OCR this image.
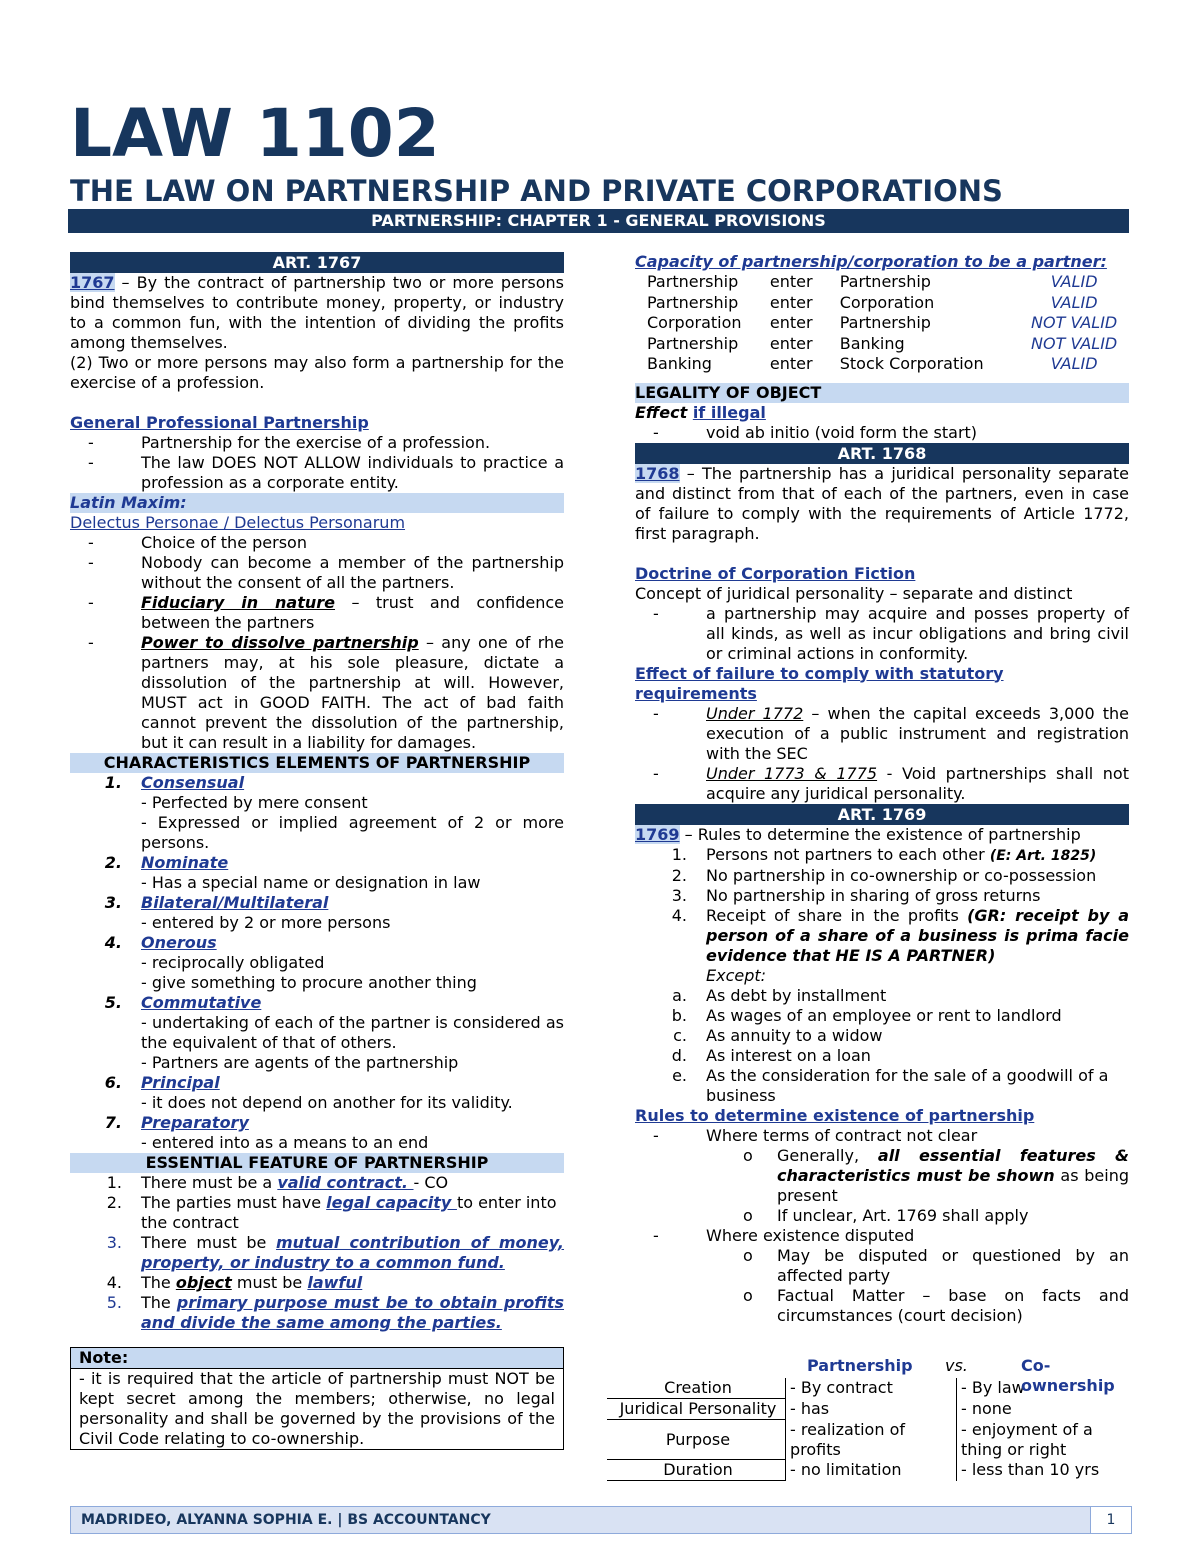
LAW 1102
THE LAW ON PARTNERSHIP AND PRIVATE CORPORATIONS
PARTNERSHIP: CHAPTER 1 - GENERAL PROVISIONS
ART. 1767
1767 – By the contract of partnership two or more persons bind themselves to contribute money, property, or industry to a common fun, with the intention of dividing the profits among themselves.
(2) Two or more persons may also form a partnership for the exercise of a profession.
General Professional Partnership
- Partnership for the exercise of a profession.
- The law DOES NOT ALLOW individuals to practice a profession as a corporate entity.
Latin Maxim:
Delectus Personae / Delectus Personarum
- Choice of the person
- Nobody can become a member of the partnership without the consent of all the partners.
- Fiduciary in nature – trust and confidence between the partners
- Power to dissolve partnership – any one of rhe partners may, at his sole pleasure, dictate a dissolution of the partnership at will. However, MUST act in GOOD FAITH. The act of bad faith cannot prevent the dissolution of the partnership, but it can result in a liability for damages.
CHARACTERISTICS ELEMENTS OF PARTNERSHIP
1. Consensual
- Perfected by mere consent
- Expressed or implied agreement of 2 or more persons.
2. Nominate
- Has a special name or designation in law
3. Bilateral/Multilateral
- entered by 2 or more persons
4. Onerous
- reciprocally obligated
- give something to procure another thing
5. Commutative
- undertaking of each of the partner is considered as the equivalent of that of others.
- Partners are agents of the partnership
6. Principal
- it does not depend on another for its validity.
7. Preparatory
- entered into as a means to an end
ESSENTIAL FEATURE OF PARTNERSHIP
1. There must be a valid contract. - CO
2. The parties must have legal capacity to enter into the contract
3. There must be mutual contribution of money, property, or industry to a common fund.
4. The object must be lawful
5. The primary purpose must be to obtain profits and divide the same among the parties.
Note:
- it is required that the article of partnership must NOT be kept secret among the members; otherwise, no legal personality and shall be governed by the provisions of the Civil Code relating to co-ownership.
Capacity of partnership/corporation to be a partner:
Partnership	enter	Partnership	VALID
Partnership	enter	Corporation	VALID
Corporation	enter	Partnership	NOT VALID
Partnership	enter	Banking	NOT VALID
Banking	enter	Stock Corporation	VALID
LEGALITY OF OBJECT
Effect if illegal
- void ab initio (void form the start)
ART. 1768
1768 – The partnership has a juridical personality separate and distinct from that of each of the partners, even in case of failure to comply with the requirements of Article 1772, first paragraph.
Doctrine of Corporation Fiction
Concept of juridical personality – separate and distinct
- a partnership may acquire and posses property of all kinds, as well as incur obligations and bring civil or criminal actions in conformity.
Effect of failure to comply with statutory requirements
- Under 1772 – when the capital exceeds 3,000 the execution of a public instrument and registration with the SEC
- Under 1773 & 1775 - Void partnerships shall not acquire any juridical personality.
ART. 1769
1769 – Rules to determine the existence of partnership
1. Persons not partners to each other (E: Art. 1825)
2. No partnership in co-ownership or co-possession
3. No partnership in sharing of gross returns
4. Receipt of share in the profits (GR: receipt by a person of a share of a business is prima facie evidence that HE IS A PARTNER)
Except:
a. As debt by installment
b. As wages of an employee or rent to landlord
c. As annuity to a widow
d. As interest on a loan
e. As the consideration for the sale of a goodwill of a business
Rules to determine existence of partnership
- Where terms of contract not clear
o Generally, all essential features & characteristics must be shown as being present
o If unclear, Art. 1769 shall apply
- Where existence disputed
o May be disputed or questioned by an affected party
o Factual Matter – base on facts and circumstances (court decision)
Partnership vs.	Co-ownership
Creation	- By contract	- By law
Juridical Personality	- has	- none
Purpose	- realization of profits	- enjoyment of a thing or right
Duration	- no limitation	- less than 10 yrs
MADRIDEO, ALYANNA SOPHIA E. | BS ACCOUNTANCY	1
